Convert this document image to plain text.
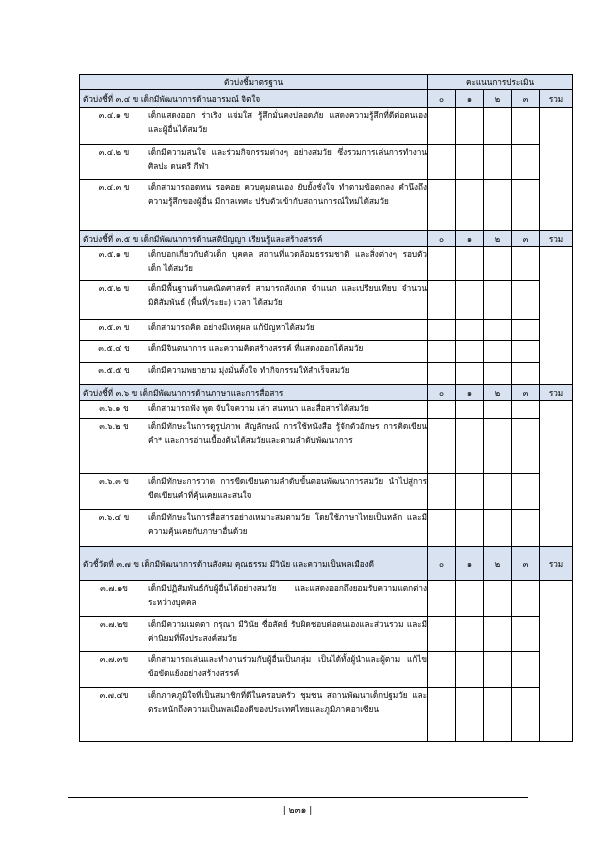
ตัวบ่งชี้มาตรฐาน	คะแนนการประเมิน				
ตัวบ่งชี้ที่ ๓.๔ ข เด็กมีพัฒนาการด้านอารมณ์ จิตใจ	๐	๑	๒	๓	รวม

๓.๔.๑ ข เด็กแสดงออก ร่าเริง แจ่มใส รู้สึกมั่นคงปลอดภัย แสดงความรู้สึกที่ดีต่อตนเอง และผู้อื่นได้สมวัย					

๓.๔.๒ ข เด็กมีความสนใจ และร่วมกิจกรรมต่างๆ อย่างสมวัย ซึ่งรวมการเล่นการทำงาน ศิลปะ ดนตรี กีฬา					

๓.๔.๓ ข เด็กสามารถอดทน รอคอย ควบคุมตนเอง ยับยั้งชั่งใจ ทำตามข้อตกลง คำนึงถึงความรู้สึกของผู้อื่น มีกาลเทศะ ปรับตัวเข้ากับสถานการณ์ใหม่ได้สมวัย					

ตัวบ่งชี้ที่ ๓.๕ ข เด็กมีพัฒนาการด้านสติปัญญา เรียนรู้และสร้างสรรค์	๐	๑	๒	๓	รวม

๓.๕.๑ ข เด็กบอกเกี่ยวกับตัวเด็ก บุคคล สถานที่แวดล้อมธรรมชาติ และสิ่งต่างๆ รอบตัวเด็ก ได้สมวัย					

๓.๕.๒ ข เด็กมีพื้นฐานด้านคณิตศาสตร์ สามารถสังเกต จำแนก และเปรียบเทียบ จำนวน มิติสัมพันธ์ (พื้นที่/ระยะ) เวลา ได้สมวัย					

๓.๕.๓ ข เด็กสามารถคิด อย่างมีเหตุผล แก้ปัญหาได้สมวัย					

๓.๕.๔ ข เด็กมีจินตนาการ และความคิดสร้างสรรค์ ที่แสดงออกได้สมวัย					

๓.๕.๕ ข เด็กมีความพยายาม มุ่งมั่นตั้งใจ ทำกิจกรรมให้สำเร็จสมวัย					

ตัวบ่งชี้ที่ ๓.๖ ข เด็กมีพัฒนาการด้านภาษาและการสื่อสาร	๐	๑	๒	๓	รวม

๓.๖.๑ ข เด็กสามารถฟัง พูด จับใจความ เล่า สนทนา และสื่อสารได้สมวัย					

๓.๖.๒ ข เด็กมีทักษะในการดูรูปภาพ สัญลักษณ์ การใช้หนังสือ รู้จักตัวอักษร การคิดเขียนคำ* และการอ่านเบื้องต้นได้สมวัยและตามลำดับพัฒนาการ					

๓.๖.๓ ข เด็กมีทักษะการวาด การขีดเขียนตามลำดับขั้นตอนพัฒนาการสมวัย นำไปสู่การขีดเขียนคำที่คุ้นเคยและสนใจ					

๓.๖.๔ ข เด็กมีทักษะในการสื่อสารอย่างเหมาะสมตามวัย โดยใช้ภาษาไทยเป็นหลัก และมีความคุ้นเคยกับภาษาอื่นด้วย					

ตัวชี้วัดที่ ๓.๗ ข เด็กมีพัฒนาการด้านสังคม คุณธรรม มีวินัย และความเป็นพลเมืองดี	๐	๑	๒	๓	รวม

๓.๗.๑ข เด็กมีปฏิสัมพันธ์กับผู้อื่นได้อย่างสมวัย และแสดงออกถึงยอมรับความแตกต่างระหว่างบุคคล					

๓.๗.๒ข เด็กมีความเมตตา กรุณา มีวินัย ซื่อสัตย์ รับผิดชอบต่อตนเองและส่วนรวม และมีค่านิยมที่พึงประสงค์สมวัย					

๓.๗.๓ข เด็กสามารถเล่นและทำงานร่วมกับผู้อื่นเป็นกลุ่ม เป็นได้ทั้งผู้นำและผู้ตาม แก้ไขข้อขัดแย้งอย่างสร้างสรรค์					

๓.๗.๔ข เด็กภาคภูมิใจที่เป็นสมาชิกที่ดีในครอบครัว ชุมชน สถานพัฒนาเด็กปฐมวัย และตระหนักถึงความเป็นพลเมืองดีของประเทศไทยและภูมิภาคอาเซียน					

| ๒๓๑ |
